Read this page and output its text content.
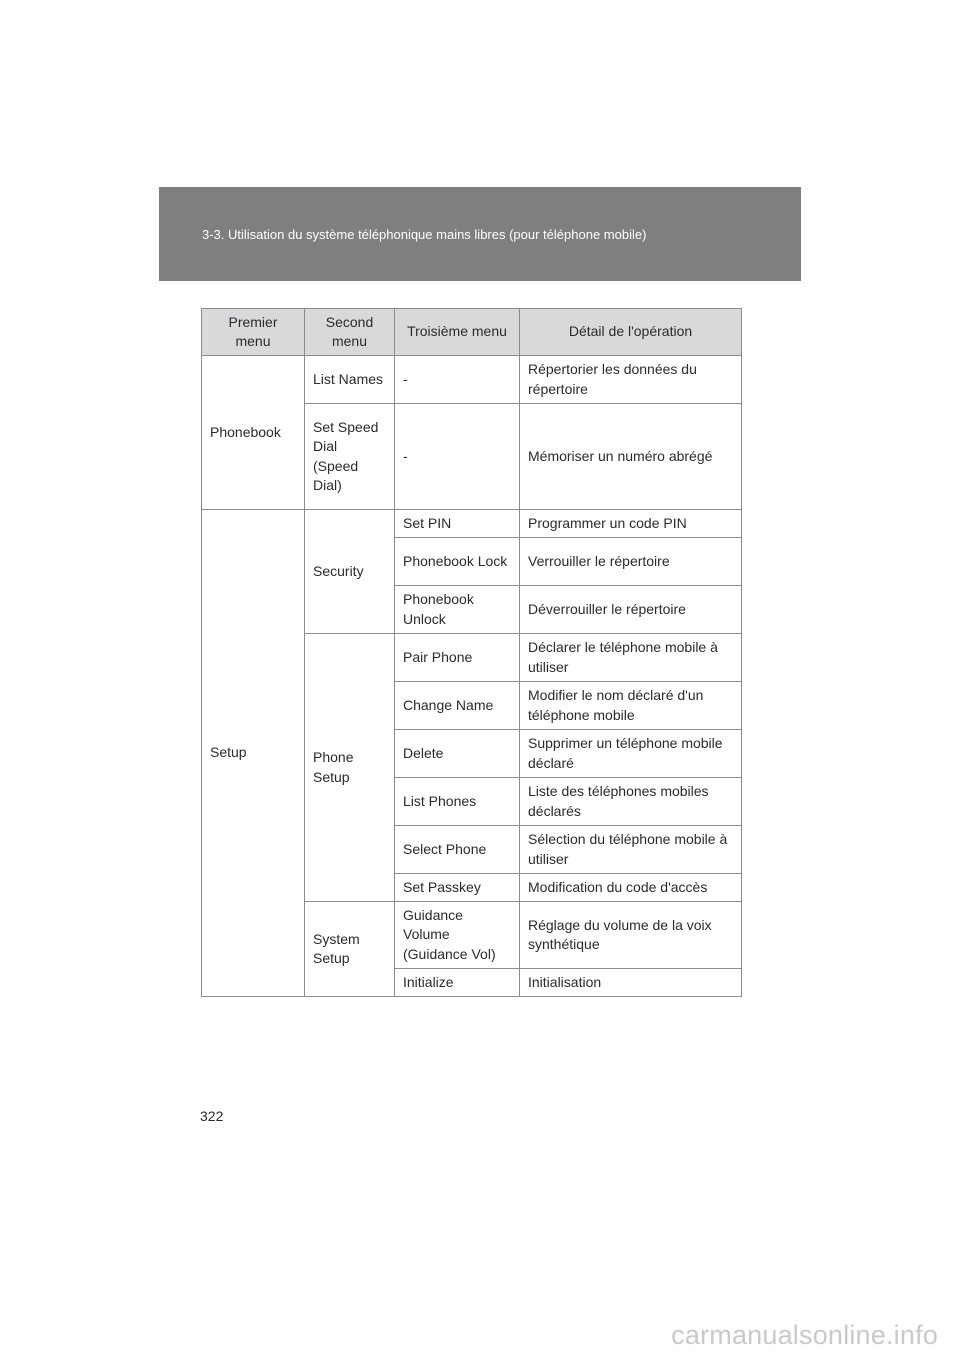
3-3. Utilisation du système téléphonique mains libres (pour téléphone mobile)
Premier menu	Second menu	Troisième menu	Détail de l'opération
Phonebook	List Names	-	Répertorier les données du répertoire
	Set Speed Dial (Speed Dial)	-	Mémoriser un numéro abrégé
Setup	Security	Set PIN	Programmer un code PIN
		Phonebook Lock	Verrouiller le répertoire
		Phonebook Unlock	Déverrouiller le répertoire
	Phone Setup	Pair Phone	Déclarer le téléphone mobile à utiliser
		Change Name	Modifier le nom déclaré d'un téléphone mobile
		Delete	Supprimer un téléphone mobile déclaré
		List Phones	Liste des téléphones mobiles déclarés
		Select Phone	Sélection du téléphone mobile à utiliser
		Set Passkey	Modification du code d'accès
	System Setup	Guidance Volume (Guidance Vol)	Réglage du volume de la voix synthétique
		Initialize	Initialisation
322
carmanualsonline.info
